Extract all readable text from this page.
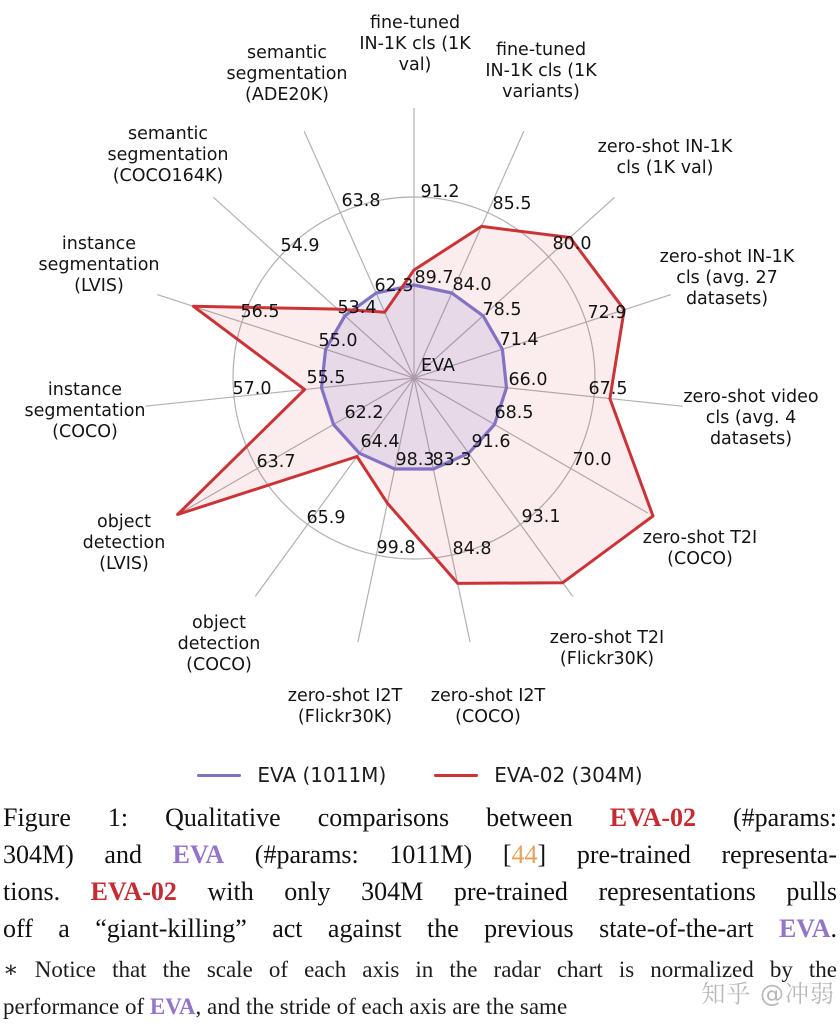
fine-tuned IN-1K cls (1K val)
89.7
91.2
fine-tuned IN-1K cls (1K variants)
84.0
85.5
zero-shot IN-1K cls (1K val)
78.5
80.0
zero-shot IN-1K cls (avg. 27 datasets)
71.4
72.9
zero-shot video cls (avg. 4 datasets)
66.0 67.5
zero-shot T2I (COCO)
68.5
70.0
zero-shot T2I (Flickr30K)
91.6
93.1
zero-shot I2T (COCO)
83.3
84.8
zero-shot I2T (Flickr30K)
98.3
99.8
object detection (COCO)
64.4
65.9
object detection (LVIS)
62.2
63.7
instance segmentation (COCO)
55.5
57.0
instance segmentation (LVIS)
55.0
56.5
semantic segmentation (COCO164K)
53.4
54.9
semantic segmentation (ADE20K)
62.3
63.8
EVA
EVA (1011M)	EVA-02 (304M)
Figure 1: Qualitative comparisons between EVA-02 (#params:
304M) and EVA (#params: 1011M) [44] pre-trained representa-
tions. EVA-02 with only 304M pre-trained representations pulls
off a “giant-killing” act against the previous state-of-the-art EVA.
∗ Notice that the scale of each axis in the radar chart is normalized by the
performance of EVA, and the stride of each axis are the same	知乎 @冲弱
